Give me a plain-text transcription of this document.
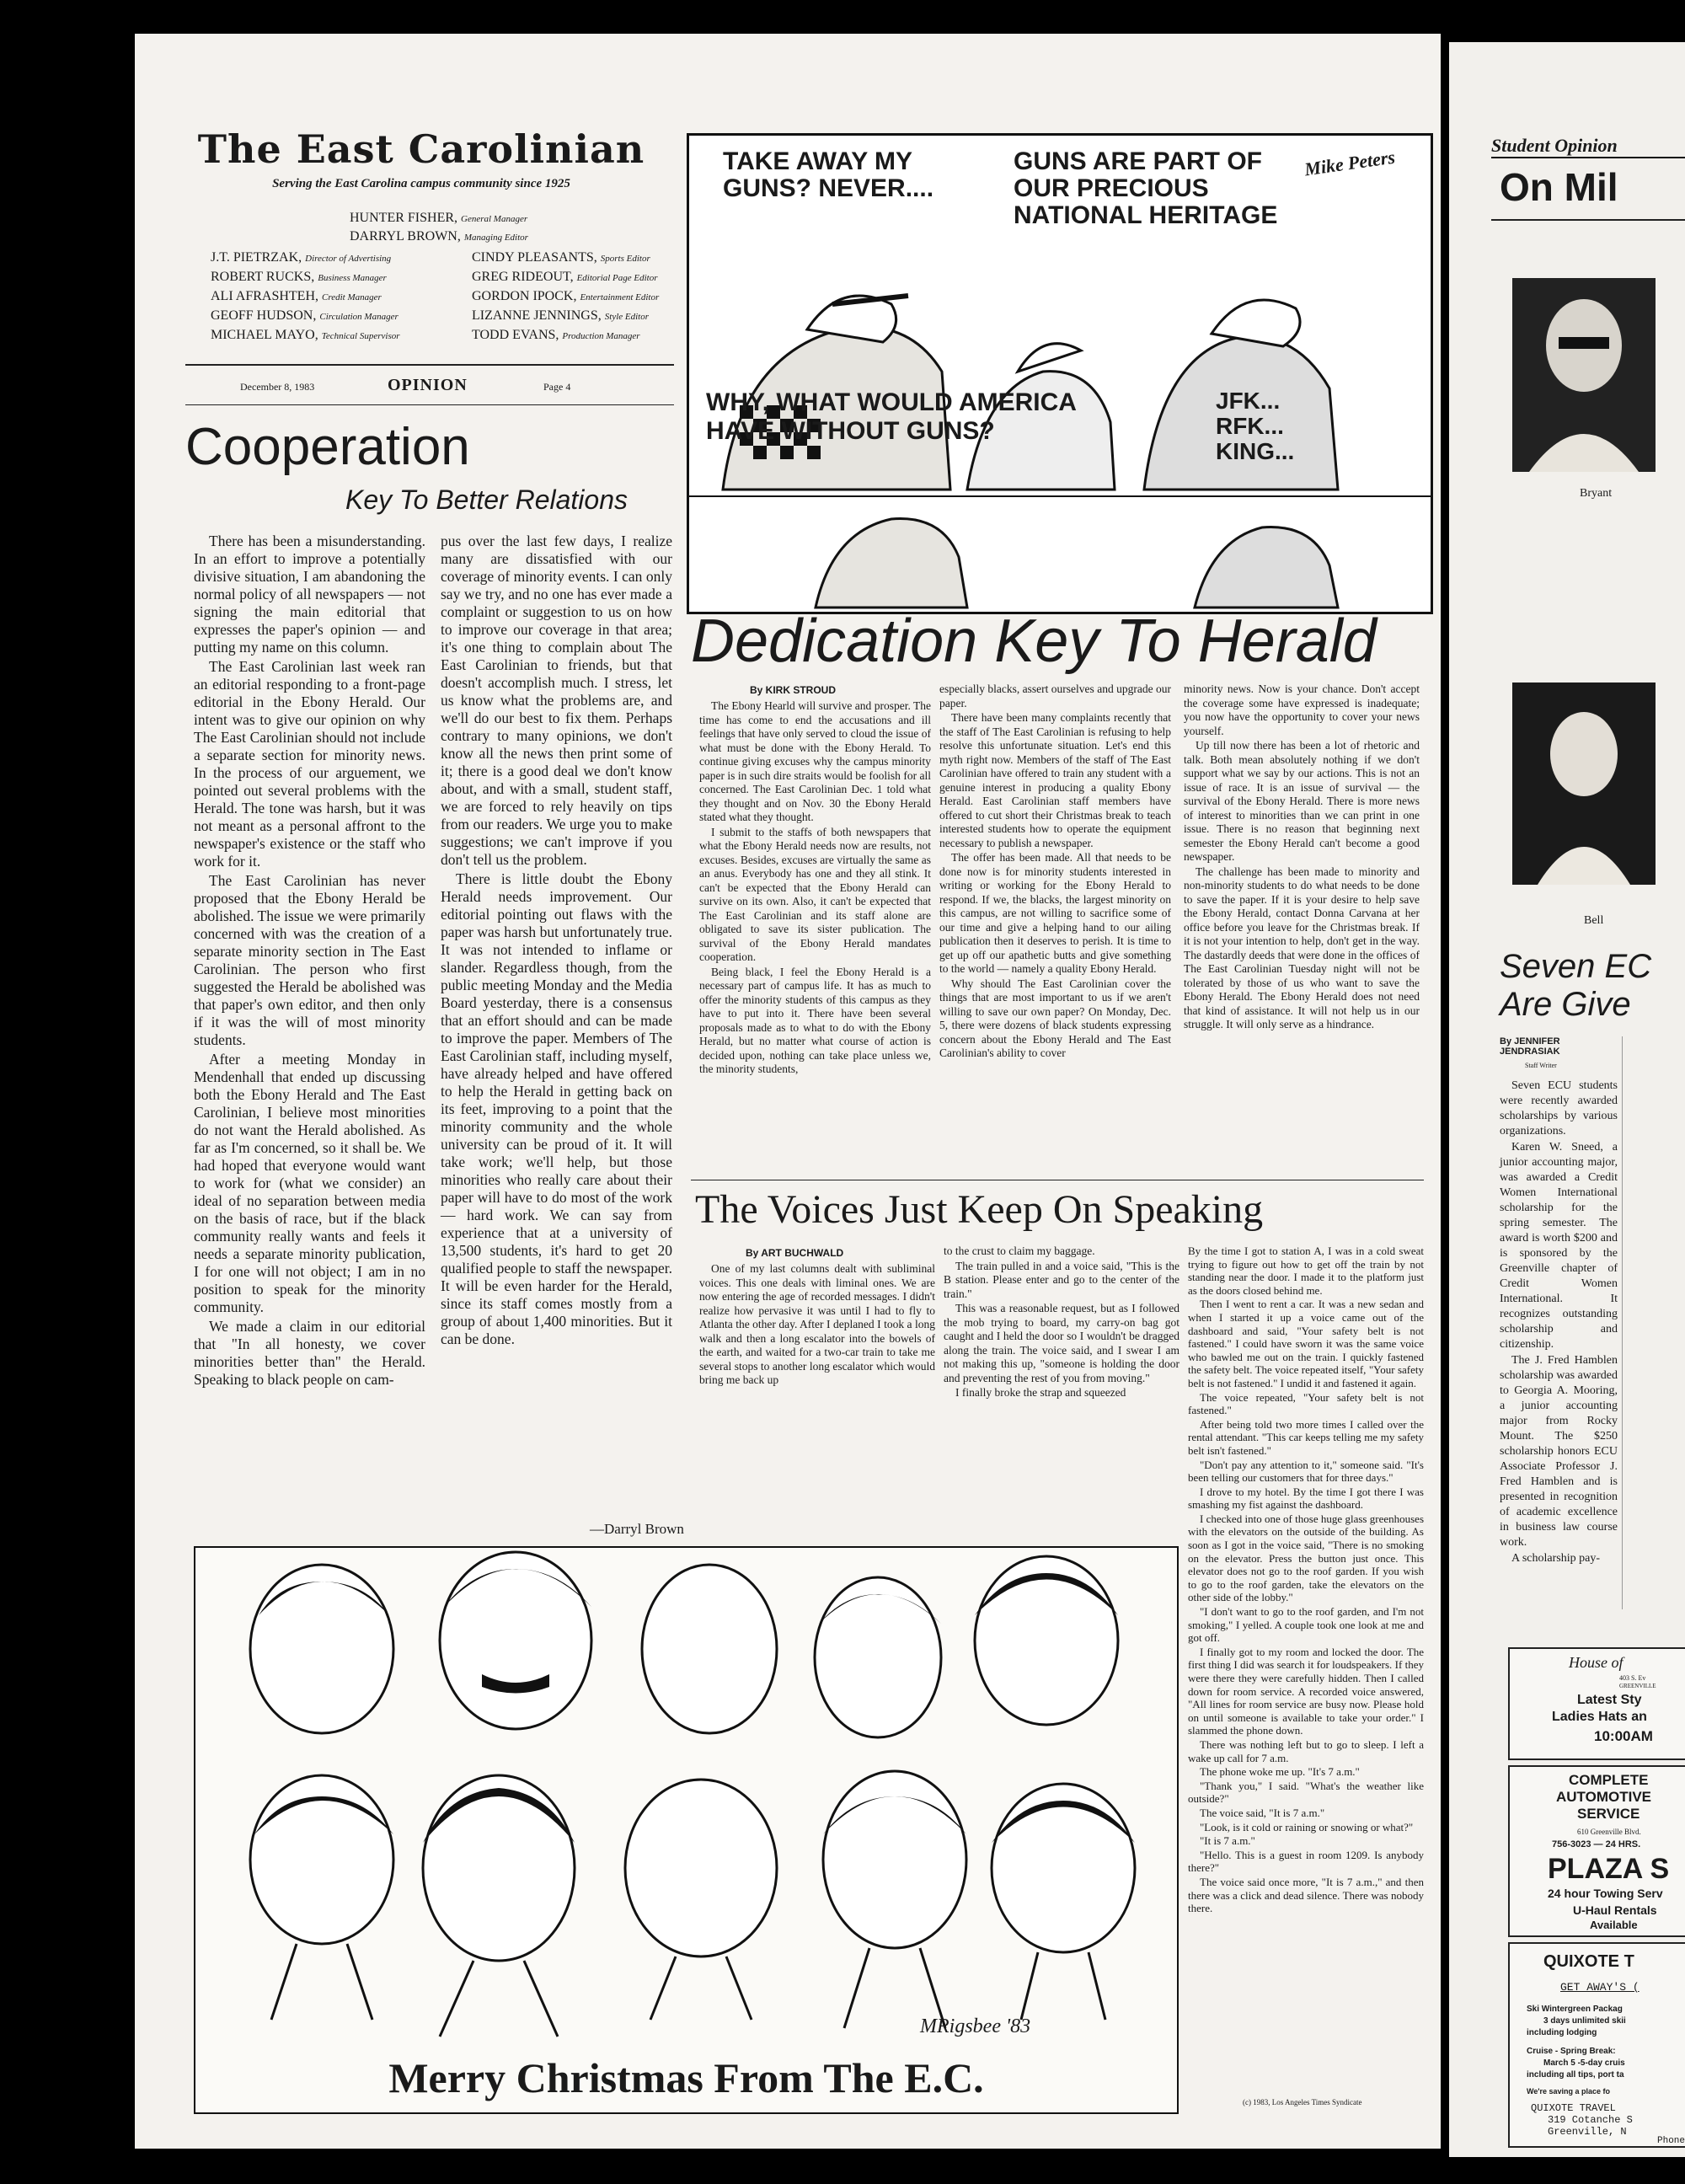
The East Carolinian
Serving the East Carolina campus community since 1925
HUNTER FISHER, General Manager
DARRYL BROWN, Managing Editor
J.T. PIETRZAK, Director of Advertising
ROBERT RUCKS, Business Manager
ALI AFRASHTEH, Credit Manager
GEOFF HUDSON, Circulation Manager
MICHAEL MAYO, Technical Supervisor
CINDY PLEASANTS, Sports Editor
GREG RIDEOUT, Editorial Page Editor
GORDON IPOCK, Entertainment Editor
LIZANNE JENNINGS, Style Editor
TODD EVANS, Production Manager
December 8, 1983	OPINION	Page 4
Cooperation
Key To Better Relations

There has been a misunderstanding. In an effort to improve a potentially divisive situation, I am abandoning the normal policy of all newspapers — not signing the main editorial that expresses the paper's opinion — and putting my name on this column.

The East Carolinian last week ran an editorial responding to a front-page editorial in the Ebony Herald. Our intent was to give our opinion on why The East Carolinian should not include a separate section for minority news. In the process of our arguement, we pointed out several problems with the Herald. The tone was harsh, but it was not meant as a personal affront to the newspaper's existence or the staff who work for it.

The East Carolinian has never proposed that the Ebony Herald be abolished. The issue we were primarily concerned with was the creation of a separate minority section in The East Carolinian. The person who first suggested the Herald be abolished was that paper's own editor, and then only if it was the will of most minority students.

After a meeting Monday in Mendenhall that ended up discussing both the Ebony Herald and The East Carolinian, I believe most minorities do not want the Herald abolished. As far as I'm concerned, so it shall be. We had hoped that everyone would want to work for (what we consider) an ideal of no separation between media on the basis of race, but if the black community really wants and feels it needs a separate minority publication, I for one will not object; I am in no position to speak for the minority community.

We made a claim in our editorial that "In all honesty, we cover minorities better than" the Herald. Speaking to black people on cam-

pus over the last few days, I realize many are dissatisfied with our coverage of minority events. I can only say we try, and no one has ever made a complaint or suggestion to us on how to improve our coverage in that area; it's one thing to complain about The East Carolinian to friends, but that doesn't accomplish much. I stress, let us know what the problems are, and we'll do our best to fix them. Perhaps contrary to many opinions, we don't know all the news then print some of it; there is a good deal we don't know about, and with a small, student staff, we are forced to rely heavily on tips from our readers. We urge you to make suggestions; we can't improve if you don't tell us the problem.

There is little doubt the Ebony Herald needs improvement. Our editorial pointing out flaws with the paper was harsh but unfortunately true. It was not intended to inflame or slander. Regardless though, from the public meeting Monday and the Media Board yesterday, there is a consensus that an effort should and can be made to improve the paper. Members of The East Carolinian staff, including myself, have already helped and have offered to help the Herald in getting back on its feet, improving to a point that the minority community and the whole university can be proud of it. It will take work; we'll help, but those minorities who really care about their paper will have to do most of the work — hard work. We can say from experience that at a university of 13,500 students, it's hard to get 20 qualified people to staff the newspaper. It will be even harder for the Herald, since its staff comes mostly from a group of about 1,400 minorities. But it can be done.

—Darryl Brown
TAKE AWAY MY GUNS? NEVER....
GUNS ARE PART OF OUR PRECIOUS NATIONAL HERITAGE
Mike Peters
WHY, WHAT WOULD AMERICA HAVE WITHOUT GUNS?
JFK... RFK... KING...
Dedication Key To Herald
By KIRK STROUD

The Ebony Hearld will survive and prosper. The time has come to end the accusations and ill feelings that have only served to cloud the issue of what must be done with the Ebony Herald. To continue giving excuses why the campus minority paper is in such dire straits would be foolish for all concerned. The East Carolinian Dec. 1 told what they thought and on Nov. 30 the Ebony Herald stated what they thought.

I submit to the staffs of both newspapers that what the Ebony Herald needs now are results, not excuses. Besides, excuses are virtually the same as an anus. Everybody has one and they all stink. It can't be expected that the Ebony Herald can survive on its own. Also, it can't be expected that The East Carolinian and its staff alone are obligated to save its sister publication. The survival of the Ebony Herald mandates cooperation.

Being black, I feel the Ebony Herald is a necessary part of campus life. It has as much to offer the minority students of this campus as they have to put into it. There have been several proposals made as to what to do with the Ebony Herald, but no matter what course of action is decided upon, nothing can take place unless we, the minority students,

especially blacks, assert ourselves and upgrade our paper.

There have been many complaints recently that the staff of The East Carolinian is refusing to help resolve this unfortunate situation. Let's end this myth right now. Members of the staff of The East Carolinian have offered to train any student with a genuine interest in producing a quality Ebony Herald. East Carolinian staff members have offered to cut short their Christmas break to teach interested students how to operate the equipment necessary to publish a newspaper.

The offer has been made. All that needs to be done now is for minority students interested in writing or working for the Ebony Herald to respond. If we, the blacks, the largest minority on this campus, are not willing to sacrifice some of our time and give a helping hand to our ailing publication then it deserves to perish. It is time to get up off our apathetic butts and give something to the world — namely a quality Ebony Herald.

Why should The East Carolinian cover the things that are most important to us if we aren't willing to save our own paper? On Monday, Dec. 5, there were dozens of black students expressing concern about the Ebony Herald and The East Carolinian's ability to cover

minority news. Now is your chance. Don't accept the coverage some have expressed is inadequate; you now have the opportunity to cover your news yourself.

Up till now there has been a lot of rhetoric and talk. Both mean absolutely nothing if we don't support what we say by our actions. This is not an issue of race. It is an issue of survival — the survival of the Ebony Herald. There is more news of interest to minorities than we can print in one issue. There is no reason that beginning next semester the Ebony Herald can't become a good newspaper.

The challenge has been made to minority and non-minority students to do what needs to be done to save the paper. If it is your desire to help save the Ebony Herald, contact Donna Carvana at her office before you leave for the Christmas break. If it is not your intention to help, don't get in the way. The dastardly deeds that were done in the offices of The East Carolinian Tuesday night will not be tolerated by those of us who want to save the Ebony Herald. The Ebony Herald does not need that kind of assistance. It will not help us in our struggle. It will only serve as a hindrance.

The Voices Just Keep On Speaking
By ART BUCHWALD

One of my last columns dealt with subliminal voices. This one deals with liminal ones. We are now entering the age of recorded messages. I didn't realize how pervasive it was until I had to fly to Atlanta the other day. After I deplaned I took a long walk and then a long escalator into the bowels of the earth, and waited for a two-car train to take me several stops to another long escalator which would bring me back up

to the crust to claim my baggage.

The train pulled in and a voice said, "This is the B station. Please enter and go to the center of the train."

This was a reasonable request, but as I followed the mob trying to board, my carry-on bag got caught and I held the door so I wouldn't be dragged along the train. The voice said, and I swear I am not making this up, "someone is holding the door and preventing the rest of you from moving."

I finally broke the strap and squeezed

By the time I got to station A, I was in a cold sweat trying to figure out how to get off the train by not standing near the door. I made it to the platform just as the doors closed behind me.

Then I went to rent a car. It was a new sedan and when I started it up a voice came out of the dashboard and said, "Your safety belt is not fastened." I could have sworn it was the same voice who bawled me out on the train. I quickly fastened the safety belt. The voice repeated itself, "Your safety belt is not fastened." I undid it and fastened it again.

The voice repeated, "Your safety belt is not fastened."

After being told two more times I called over the rental attendant. "This car keeps telling me my safety belt isn't fastened."

"Don't pay any attention to it," someone said. "It's been telling our customers that for three days."

I drove to my hotel. By the time I got there I was smashing my fist against the dashboard.

I checked into one of those huge glass greenhouses with the elevators on the outside of the building. As soon as I got in the voice said, "There is no smoking on the elevator. Press the button just once. This elevator does not go to the roof garden. If you wish to go to the roof garden, take the elevators on the other side of the lobby."

"I don't want to go to the roof garden, and I'm not smoking," I yelled. A couple took one look at me and got off.

I finally got to my room and locked the door. The first thing I did was search it for loudspeakers. If they were there they were carefully hidden. Then I called down for room service. A recorded voice answered, "All lines for room service are busy now. Please hold on until someone is available to take your order." I slammed the phone down.

There was nothing left but to go to sleep. I left a wake up call for 7 a.m.

The phone woke me up. "It's 7 a.m."

"Thank you," I said. "What's the weather like outside?"

The voice said, "It is 7 a.m."

"Look, is it cold or raining or snowing or what?"

"It is 7 a.m."

"Hello. This is a guest in room 1209. Is anybody there?"

The voice said once more, "It is 7 a.m.," and then there was a click and dead silence. There was nobody there.

(c) 1983, Los Angeles Times Syndicate
MRigsbee '83
Merry Christmas From The E.C.
Student Opinion
On Mil
Bryant
Bell
Seven EC
Are Give
By JENNIFER JENDRASIAK
Staff Writer

Seven ECU students were recently awarded scholarships by various organizations.

Karen W. Sneed, a junior accounting major, was awarded a Credit Women International scholarship for the spring semester. The award is worth $200 and is sponsored by the Greenville chapter of Credit Women International. It recognizes outstanding scholarship and citizenship.

The J. Fred Hamblen scholarship was awarded to Georgia A. Mooring, a junior accounting major from Rocky Mount. The $250 scholarship honors ECU Associate Professor J. Fred Hamblen and is presented in recognition of academic excellence in business law course work.

A scholarship pay-

House of
403 S. Ev
GREENVILLE
Latest Sty
Ladies Hats an
10:00AM
COMPLETE
AUTOMOTIVE
SERVICE
610 Greenville Blvd.
756-3023 — 24 HRS.
PLAZA S
24 hour Towing Serv
U-Haul Rentals
Available
QUIXOTE T
GET AWAY'S (
Ski Wintergreen Packag
3 days unlimited skii
including lodging
Cruise - Spring Break:
March 5 -5-day cruis
including all tips, port ta
We're saving a place fo
QUIXOTE TRAVEL
319 Cotanche S
Greenville, N
Phone
